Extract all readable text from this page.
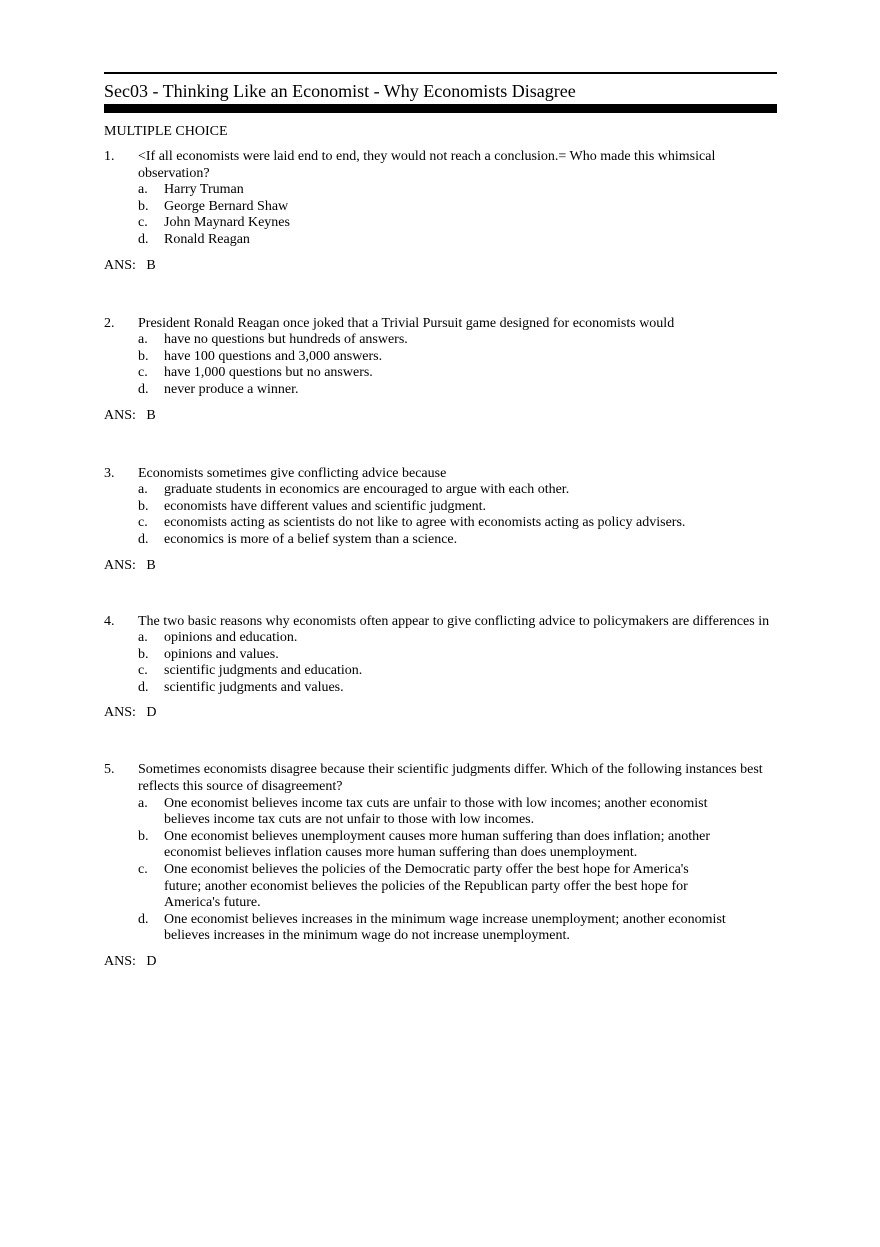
Sec03 - Thinking Like an Economist - Why Economists Disagree
MULTIPLE CHOICE
1. <If all economists were laid end to end, they would not reach a conclusion.= Who made this whimsical observation?
a. Harry Truman
b. George Bernard Shaw
c. John Maynard Keynes
d. Ronald Reagan
ANS: B
2. President Ronald Reagan once joked that a Trivial Pursuit game designed for economists would
a. have no questions but hundreds of answers.
b. have 100 questions and 3,000 answers.
c. have 1,000 questions but no answers.
d. never produce a winner.
ANS: B
3. Economists sometimes give conflicting advice because
a. graduate students in economics are encouraged to argue with each other.
b. economists have different values and scientific judgment.
c. economists acting as scientists do not like to agree with economists acting as policy advisers.
d. economics is more of a belief system than a science.
ANS: B
4. The two basic reasons why economists often appear to give conflicting advice to policymakers are differences in
a. opinions and education.
b. opinions and values.
c. scientific judgments and education.
d. scientific judgments and values.
ANS: D
5. Sometimes economists disagree because their scientific judgments differ. Which of the following instances best reflects this source of disagreement?
a. One economist believes income tax cuts are unfair to those with low incomes; another economist believes income tax cuts are not unfair to those with low incomes.
b. One economist believes unemployment causes more human suffering than does inflation; another economist believes inflation causes more human suffering than does unemployment.
c. One economist believes the policies of the Democratic party offer the best hope for America's future; another economist believes the policies of the Republican party offer the best hope for America's future.
d. One economist believes increases in the minimum wage increase unemployment; another economist believes increases in the minimum wage do not increase unemployment.
ANS: D
